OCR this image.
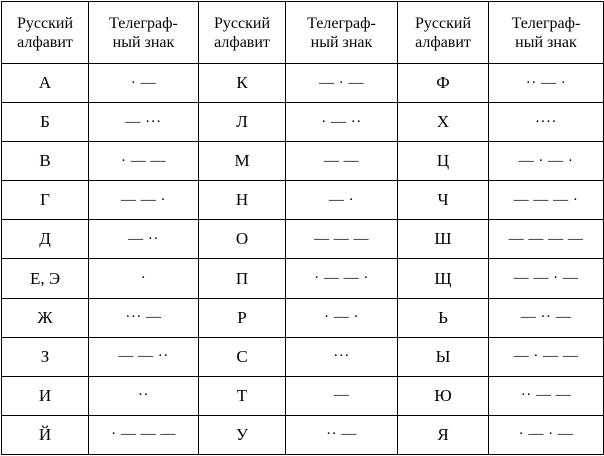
Русский
алфавит	Телеграф-
ный знак	Русский
алфавит	Телеграф-
ный знак	Русский
алфавит	Телеграф-
ный знак
А	· —	К	— · —	Ф	·· — ·
Б	— ···	Л	· — ··	Х	····
В	· — —	М	— —	Ц	— · — ·
Г	— — ·	Н	— ·	Ч	— — — ·
Д	— ··	О	— — —	Ш	— — — —
Е, Э	·	П	· — — ·	Щ	— — · —
Ж	··· —	Р	· — ·	Ь	— ·· —
З	— — ··	С	···	Ы	— · — —
И	··	Т	—	Ю	·· — —
Й	· — — —	У	·· —	Я	· — · —
